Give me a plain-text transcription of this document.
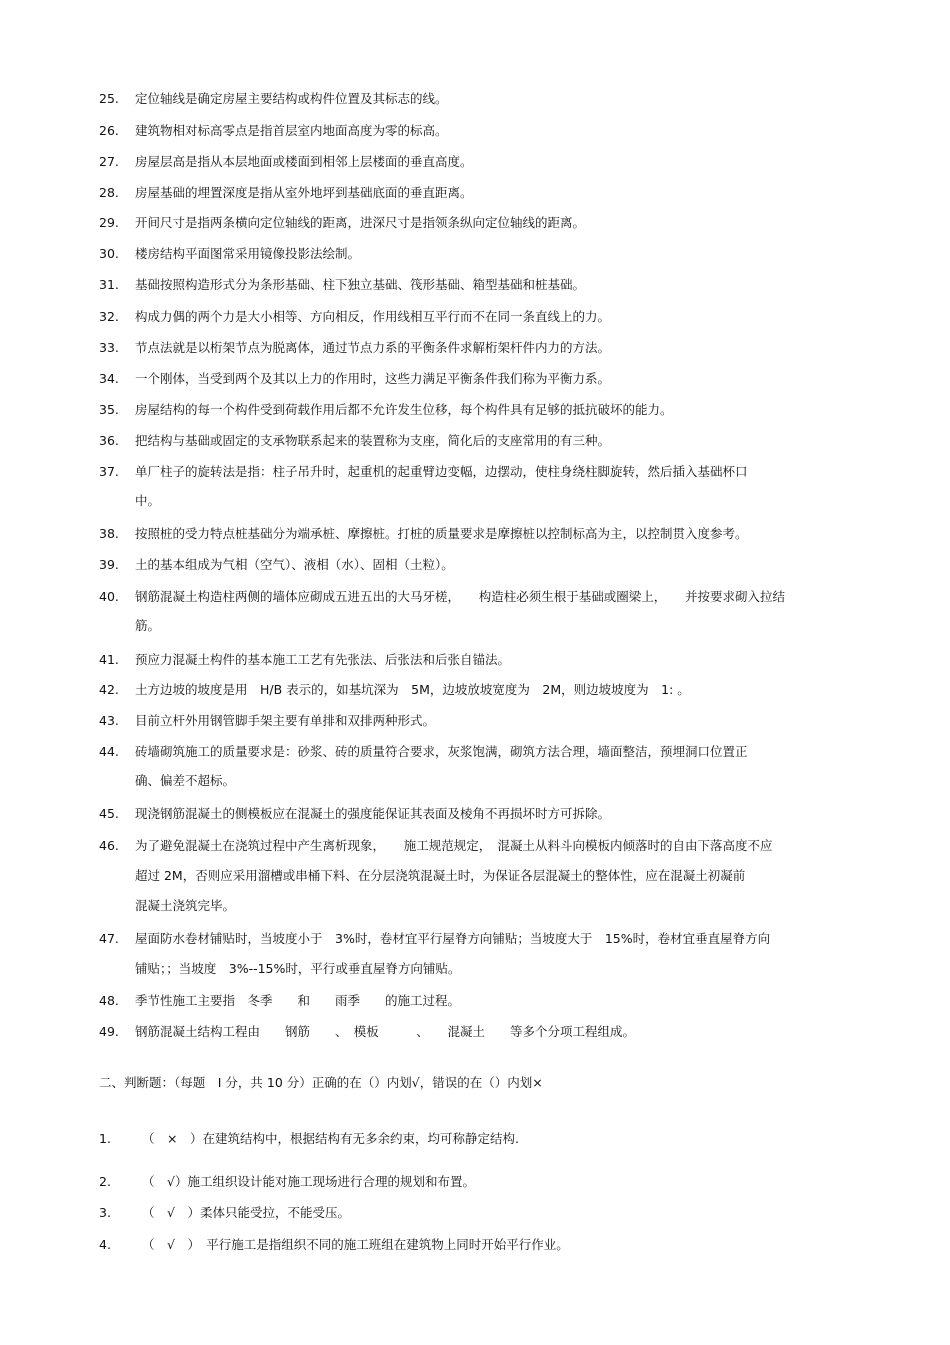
25. 定位轴线是确定房屋主要结构或构件位置及其标志的线。
26. 建筑物相对标高零点是指首层室内地面高度为零的标高。
27. 房屋层高是指从本层地面或楼面到相邻上层楼面的垂直高度。
28. 房屋基础的埋置深度是指从室外地坪到基础底面的垂直距离。
29. 开间尺寸是指两条横向定位轴线的距离，进深尺寸是指领条纵向定位轴线的距离。
30. 楼房结构平面图常采用镜像投影法绘制。
31. 基础按照构造形式分为条形基础、柱下独立基础、筏形基础、箱型基础和桩基础。
32. 构成力偶的两个力是大小相等、方向相反，作用线相互平行而不在同一条直线上的力。
33. 节点法就是以桁架节点为脱离体，通过节点力系的平衡条件求解桁架杆件内力的方法。
34. 一个刚体，当受到两个及其以上力的作用时，这些力满足平衡条件我们称为平衡力系。
35. 房屋结构的每一个构件受到荷载作用后都不允许发生位移，每个构件具有足够的抵抗破坏的能力。
36. 把结构与基础或固定的支承物联系起来的装置称为支座，简化后的支座常用的有三种。
37. 单厂柱子的旋转法是指：柱子吊升时，起重机的起重臂边变幅，边摆动，使柱身绕柱脚旋转，然后插入基础杯口
中。
38. 按照桩的受力特点桩基础分为端承桩、摩擦桩。打桩的质量要求是摩擦桩以控制标高为主，以控制贯入度参考。
39. 土的基本组成为气相（空气）、液相（水）、固相（土粒）。
40. 钢筋混凝土构造柱两侧的墙体应砌成五进五出的大马牙槎，　　构造柱必须生根于基础或圈梁上，　　并按要求砌入拉结
筋。
41. 预应力混凝土构件的基本施工工艺有先张法、后张法和后张自锚法。
42. 土方边坡的坡度是用　H/B 表示的，如基坑深为　5M，边坡放坡宽度为　2M，则边坡坡度为　1: 。
43. 目前立杆外用钢管脚手架主要有单排和双排两种形式。
44. 砖墙砌筑施工的质量要求是：砂浆、砖的质量符合要求，灰浆饱满，砌筑方法合理，墙面整洁，预埋洞口位置正
确、偏差不超标。
45. 现浇钢筋混凝土的侧模板应在混凝土的强度能保证其表面及棱角不再损坏时方可拆除。
46. 为了避免混凝土在浇筑过程中产生离析现象，　　施工规范规定，　混凝土从料斗向模板内倾落时的自由下落高度不应
超过 2M，否则应采用溜槽或串桶下料、在分层浇筑混凝土时，为保证各层混凝土的整体性，应在混凝土初凝前
混凝土浇筑完毕。
47. 屋面防水卷材铺贴时，当坡度小于　3%时，卷材宜平行屋脊方向铺贴；当坡度大于　15%时，卷材宜垂直屋脊方向
铺贴；；当坡度　3%--15%时，平行或垂直屋脊方向铺贴。
48. 季节性施工主要指　冬季　　和　　雨季　　的施工过程。
49. 钢筋混凝土结构工程由　　钢筋　　、　模板　　　、　　混凝土　　等多个分项工程组成。
二、判断题：（每题　I 分，共 10 分）正确的在（）内划√，错误的在（）内划×
1. （　×　）在建筑结构中，根据结构有无多余约束，均可称静定结构.
2. （　√）施工组织设计能对施工现场进行合理的规划和布置。
3. （　√　）柔体只能受拉，不能受压。
4. （　√　）　平行施工是指组织不同的施工班组在建筑物上同时开始平行作业。
